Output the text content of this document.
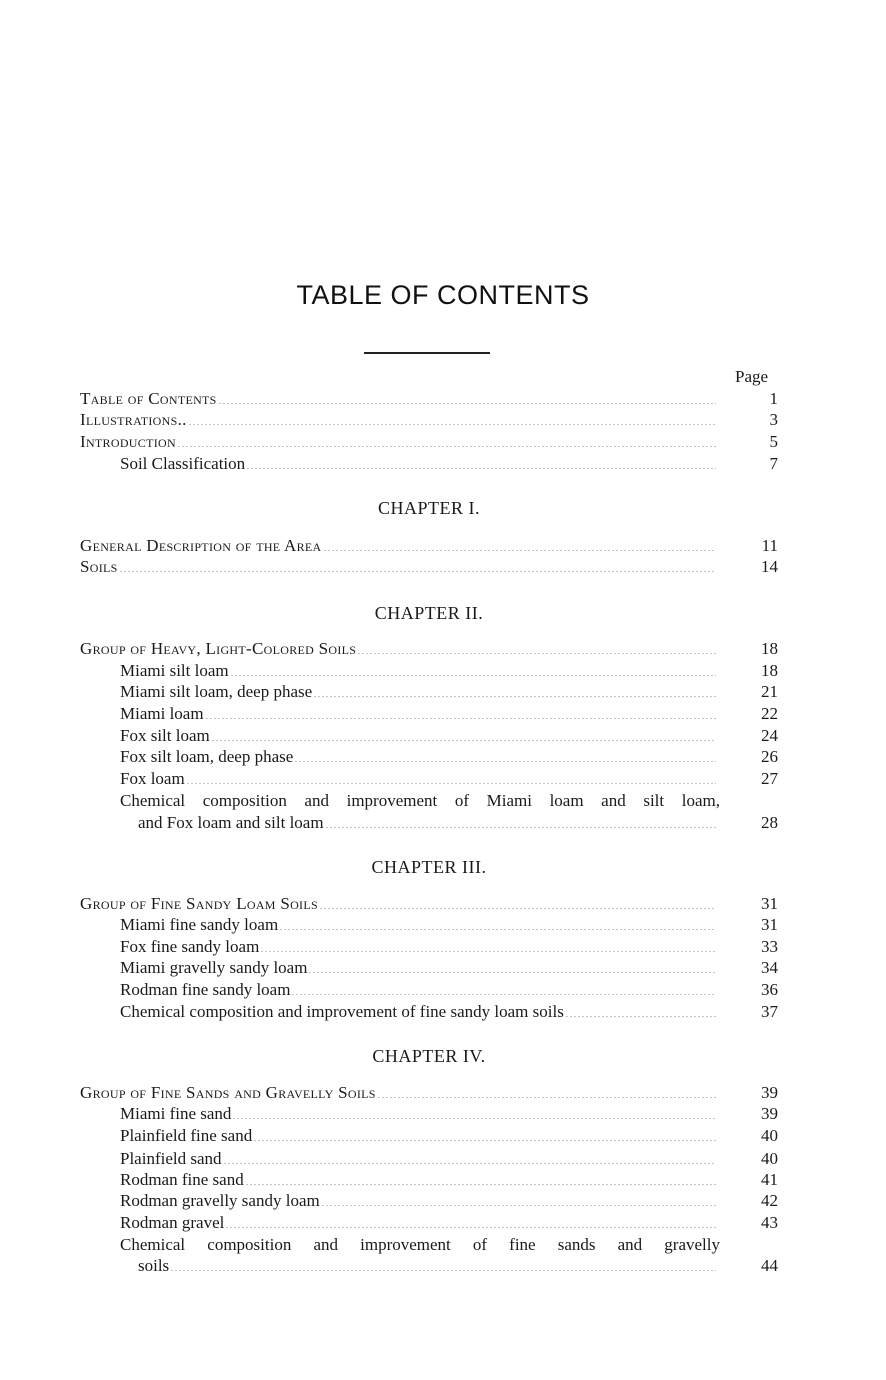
TABLE OF CONTENTS
Page
Table of Contents	1
Illustrations..	3
Introduction	5
Soil Classification	7
CHAPTER I.
General Description of the Area	11
Soils	14
CHAPTER II.
Group of Heavy, Light-Colored Soils	18
Miami silt loam	18
Miami silt loam, deep phase	21
Miami loam	22
Fox silt loam	24
Fox silt loam, deep phase	26
Fox loam	27
Chemical composition and improvement of Miami loam and silt loam,
and Fox loam and silt loam	28
CHAPTER III.
Group of Fine Sandy Loam Soils	31
Miami fine sandy loam	31
Fox fine sandy loam	33
Miami gravelly sandy loam	34
Rodman fine sandy loam	36
Chemical composition and improvement of fine sandy loam soils	37
CHAPTER IV.
Group of Fine Sands and Gravelly Soils	39
Miami fine sand	39
Plainfield fine sand	40
Plainfield sand	40
Rodman fine sand	41
Rodman gravelly sandy loam	42
Rodman gravel	43
Chemical composition and improvement of fine sands and gravelly
soils	44
